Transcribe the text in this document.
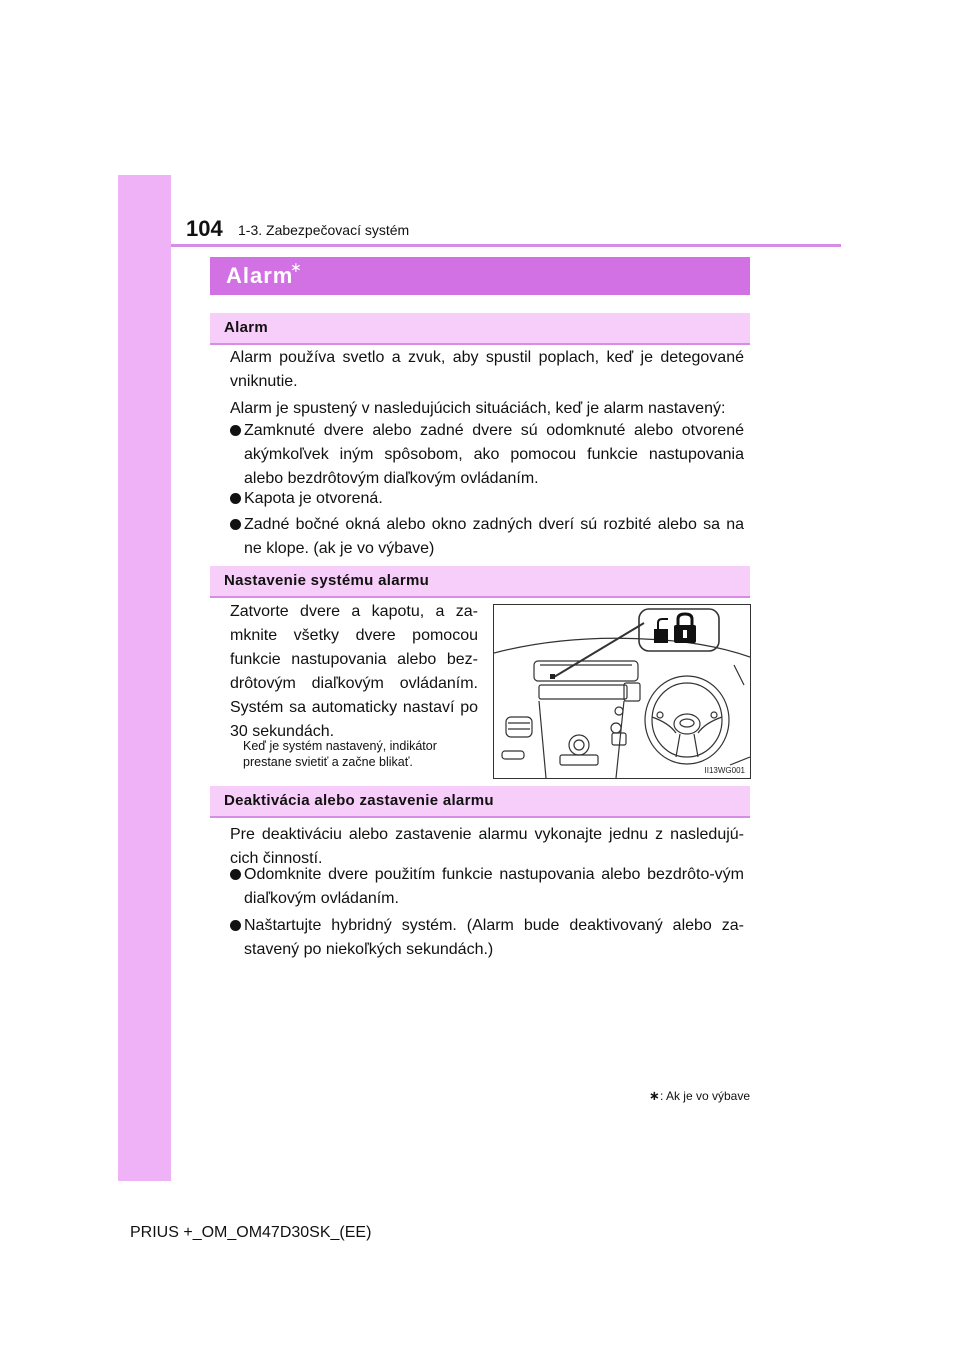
104 1-3. Zabezpečovací systém
Alarm
∗
Alarm
Alarm používa svetlo a zvuk, aby spustil poplach, keď je detegované vniknutie.
Alarm je spustený v nasledujúcich situáciách, keď je alarm nastavený:
Zamknuté dvere alebo zadné dvere sú odomknuté alebo otvorené akýmkoľvek iným spôsobom, ako pomocou funkcie nastupovania alebo bezdrôtovým diaľkovým ovládaním.
Kapota je otvorená.
Zadné bočné okná alebo okno zadných dverí sú rozbité alebo sa na ne klope. (ak je vo výbave)
Nastavenie systému alarmu
Zatvorte dvere a kapotu, a za-mknite všetky dvere pomocou funkcie nastupovania alebo bez-drôtovým diaľkovým ovládaním. Systém sa automaticky nastaví po 30 sekundách.
Keď je systém nastavený, indikátor prestane svietiť a začne blikať.
II13WG001
Deaktivácia alebo zastavenie alarmu
Pre deaktiváciu alebo zastavenie alarmu vykonajte jednu z nasledujú-cich činností.
Odomknite dvere použitím funkcie nastupovania alebo bezdrôto-vým diaľkovým ovládaním.
Naštartujte hybridný systém. (Alarm bude deaktivovaný alebo za-stavený po niekoľkých sekundách.)
∗: Ak je vo výbave
PRIUS +_OM_OM47D30SK_(EE)
